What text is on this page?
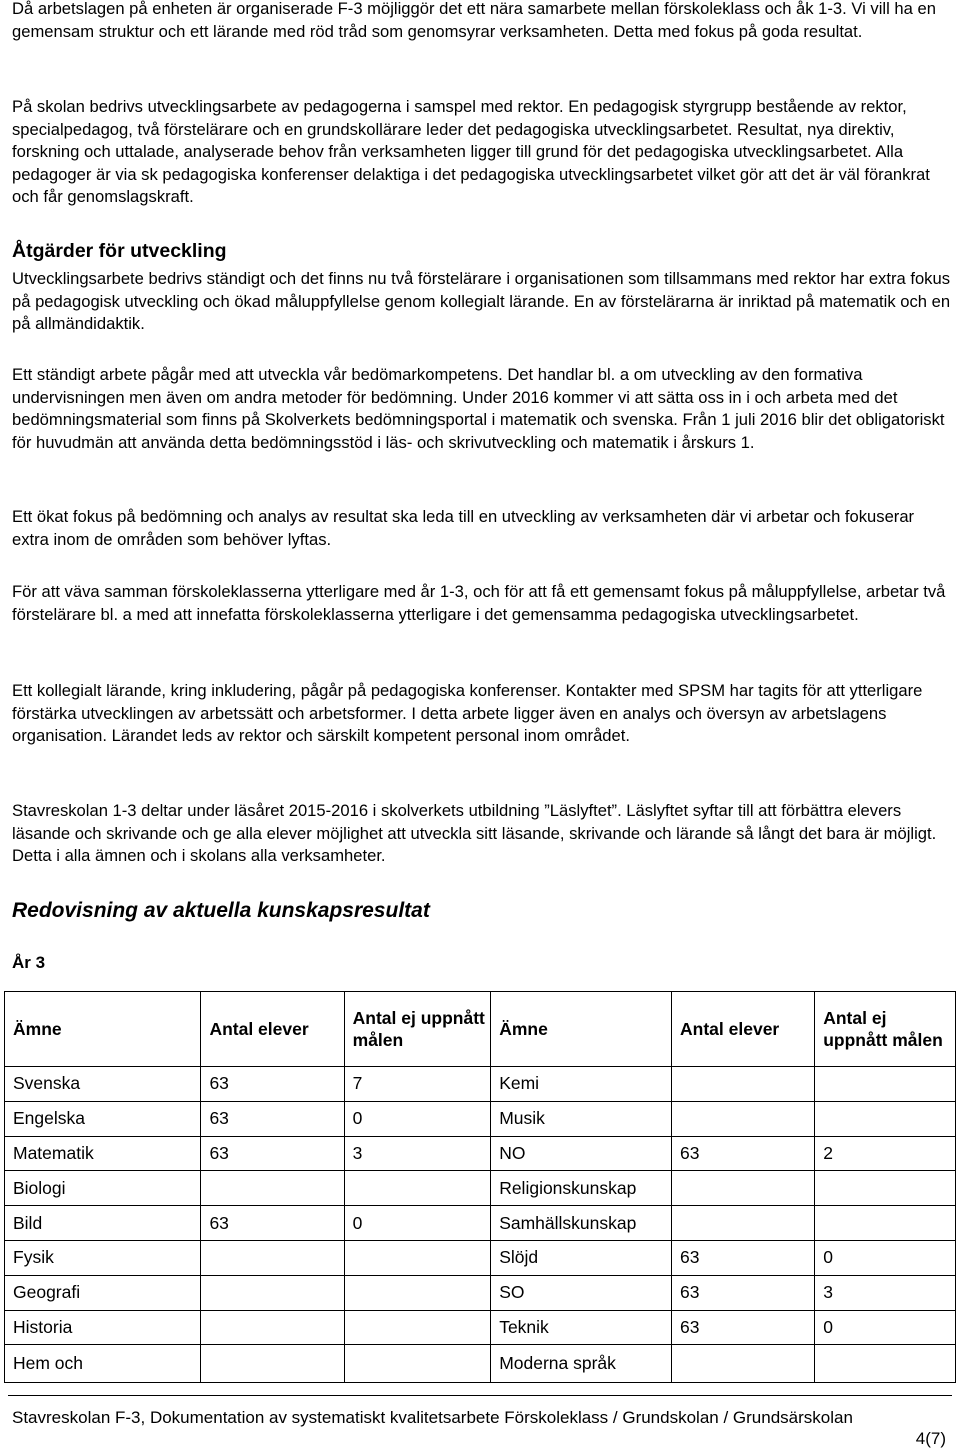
Då arbetslagen på enheten är organiserade F-3 möjliggör det ett nära samarbete mellan förskoleklass och åk 1-3. Vi vill ha en gemensam struktur och ett lärande med röd tråd som genomsyrar verksamheten. Detta med fokus på goda resultat.

På skolan bedrivs utvecklingsarbete av pedagogerna i samspel med rektor. En pedagogisk styrgrupp bestående av rektor, specialpedagog, två förstelärare och en grundskollärare leder det pedagogiska utvecklingsarbetet. Resultat, nya direktiv, forskning och uttalade, analyserade behov från verksamheten ligger till grund för det pedagogiska utvecklingsarbetet. Alla pedagoger är via sk pedagogiska konferenser delaktiga i det pedagogiska utvecklingsarbetet vilket gör att det är väl förankrat och får genomslagskraft.

Åtgärder för utveckling

Utvecklingsarbete bedrivs ständigt och det finns nu två förstelärare i organisationen som tillsammans med rektor har extra fokus på pedagogisk utveckling och ökad måluppfyllelse genom kollegialt lärande. En av förstelärarna är inriktad på matematik och en på allmändidaktik.

Ett ständigt arbete pågår med att utveckla vår bedömarkompetens. Det handlar bl. a om utveckling av den formativa undervisningen men även om andra metoder för bedömning. Under 2016 kommer vi att sätta oss in i och arbeta med det bedömningsmaterial som finns på Skolverkets bedömningsportal i matematik och svenska. Från 1 juli 2016 blir det obligatoriskt för huvudmän att använda detta bedömningsstöd i läs- och skrivutveckling och matematik i årskurs 1.

Ett ökat fokus på bedömning och analys av resultat ska leda till en utveckling av verksamheten där vi arbetar och fokuserar extra inom de områden som behöver lyftas.

För att väva samman förskoleklasserna ytterligare med år 1-3, och för att få ett gemensamt fokus på måluppfyllelse, arbetar två förstelärare bl. a med att innefatta förskoleklasserna ytterligare i det gemensamma pedagogiska utvecklingsarbetet.

Ett kollegialt lärande, kring inkludering, pågår på pedagogiska konferenser. Kontakter med SPSM har tagits för att ytterligare förstärka utvecklingen av arbetssätt och arbetsformer. I detta arbete ligger även en analys och översyn av arbetslagens organisation. Lärandet leds av rektor och särskilt kompetent personal inom området.

Stavreskolan 1-3 deltar under läsåret 2015-2016 i skolverkets utbildning ”Läslyftet”. Läslyftet syftar till att förbättra elevers läsande och skrivande och ge alla elever möjlighet att utveckla sitt läsande, skrivande och lärande så långt det bara är möjligt. Detta i alla ämnen och i skolans alla verksamheter.

Redovisning av aktuella kunskapsresultat
År 3
Ämne	Antal elever	Antal ej uppnått målen	Ämne	Antal elever	Antal ej uppnått målen
Svenska	63	7	Kemi		
Engelska	63	0	Musik		
Matematik	63	3	NO	63	2
Biologi			Religionskunskap		
Bild	63	0	Samhällskunskap		
Fysik			Slöjd	63	0
Geografi			SO	63	3
Historia			Teknik	63	0
Hem och			Moderna språk		
Stavreskolan F-3, Dokumentation av systematiskt kvalitetsarbete Förskoleklass / Grundskolan / Grundsärskolan
4(7)
